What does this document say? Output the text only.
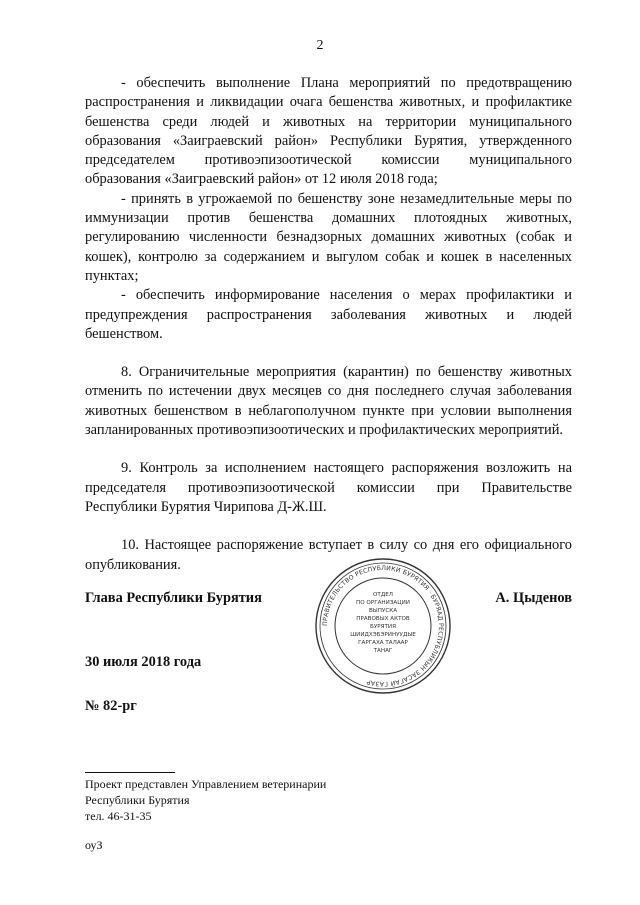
2

- обеспечить выполнение Плана мероприятий по предотвращению распространения и ликвидации очага бешенства животных, и профилактике бешенства среди людей и животных на территории муниципального образования «Заиграевский район» Республики Бурятия, утвержденного председателем противоэпизоотической комиссии муниципального образования «Заиграевский район» от 12 июля 2018 года;

- принять в угрожаемой по бешенству зоне незамедлительные меры по иммунизации против бешенства домашних плотоядных животных, регулированию численности безнадзорных домашних животных (собак и кошек), контролю за содержанием и выгулом собак и кошек в населенных пунктах;

- обеспечить информирование населения о мерах профилактики и предупреждения распространения заболевания животных и людей бешенством.

8. Ограничительные мероприятия (карантин) по бешенству животных отменить по истечении двух месяцев со дня последнего случая заболевания животных бешенством в неблагополучном пункте при условии выполнения запланированных противоэпизоотических и профилактических мероприятий.

9. Контроль за исполнением настоящего распоряжения возложить на председателя противоэпизоотической комиссии при Правительстве Республики Бурятия Чирипова Д-Ж.Ш.

10. Настоящее распоряжение вступает в силу со дня его официального опубликования.

Глава Республики Бурятия	А. Цыденов
ПРАВИТЕЛЬСТВО РЕСПУБЛИКИ БУРЯТИЯ · БУРЯАД РЕСПУБЛИКЫН ЗАСАГАЙ ГАЗАР
ОТДЕЛ
ПО ОРГАНИЗАЦИИ
ВЫПУСКА
ПРАВОВЫХ АКТОВ
БУРЯТИЯ
ШИИДХЭБЭРИНУУДЫЕ
ГАРГАХА ТАЛААР
ТАНАГ
30 июля 2018 года
№ 82-рг
Проект представлен Управлением ветеринарии
Республики Бурятия
тел. 46-31-35
оуЗ
